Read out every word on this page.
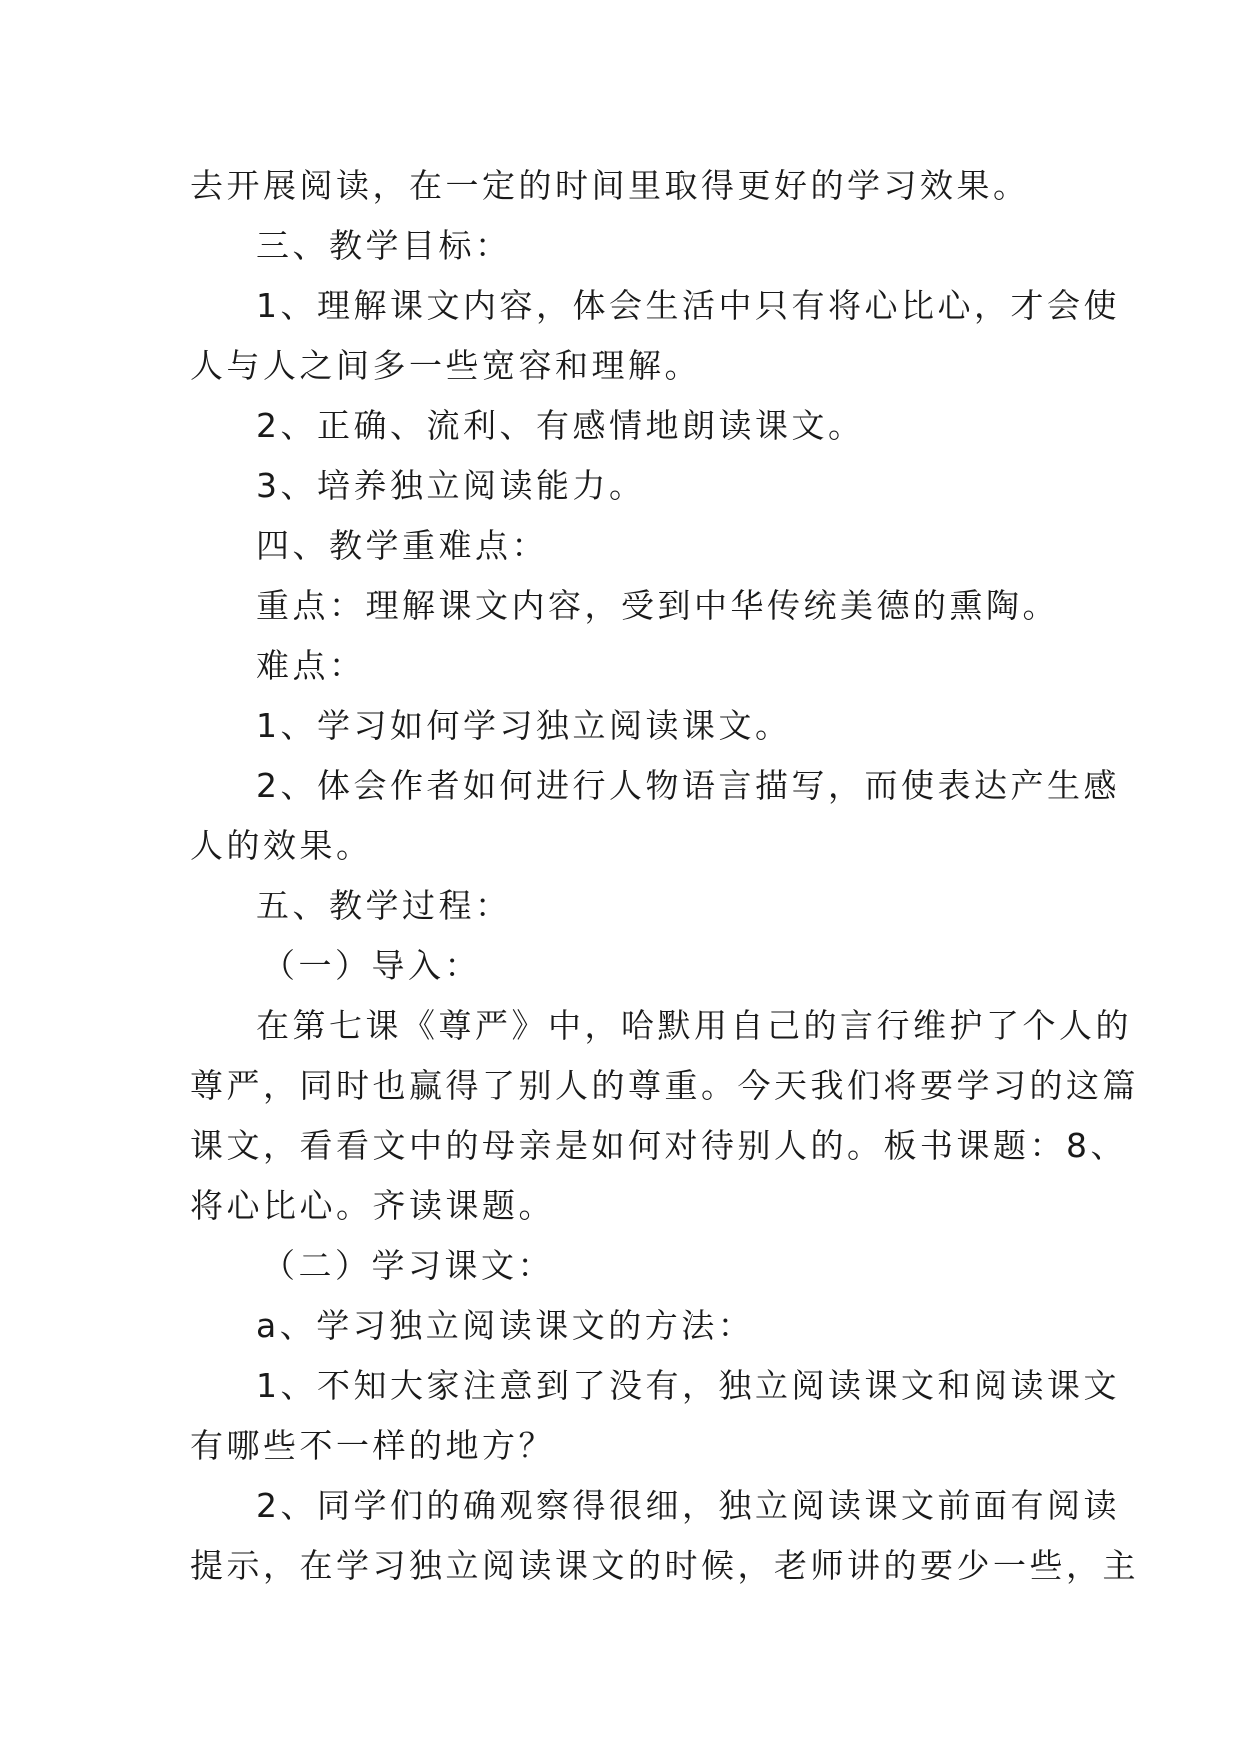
去开展阅读，在一定的时间里取得更好的学习效果。
三、教学目标：
1、理解课文内容，体会生活中只有将心比心，才会使
人与人之间多一些宽容和理解。
2、正确、流利、有感情地朗读课文。
3、培养独立阅读能力。
四、教学重难点：
重点：理解课文内容，受到中华传统美德的熏陶。
难点：
1、学习如何学习独立阅读课文。
2、体会作者如何进行人物语言描写，而使表达产生感
人的效果。
五、教学过程：
（一）导入：
在第七课《尊严》中，哈默用自己的言行维护了个人的
尊严，同时也赢得了别人的尊重。今天我们将要学习的这篇
课文，看看文中的母亲是如何对待别人的。板书课题：8、
将心比心。齐读课题。
（二）学习课文：
a、学习独立阅读课文的方法：
1、不知大家注意到了没有，独立阅读课文和阅读课文
有哪些不一样的地方？
2、同学们的确观察得很细，独立阅读课文前面有阅读
提示，在学习独立阅读课文的时候，老师讲的要少一些，主
